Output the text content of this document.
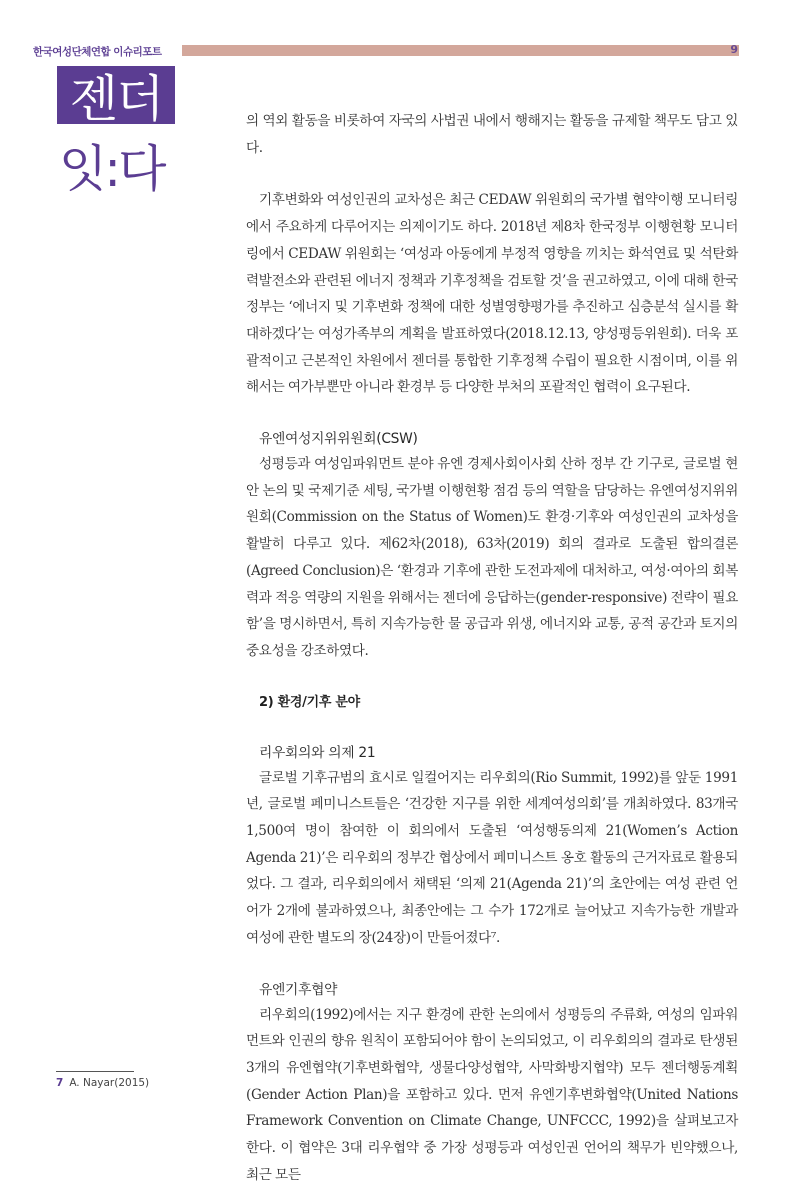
한국여성단체연합 이슈리포트	9
젠더
잇:다

의 역외 활동을 비롯하여 자국의 사법권 내에서 행해지는 활동을 규제할 책무도 담고 있다.

기후변화와 여성인권의 교차성은 최근 CEDAW 위원회의 국가별 협약이행 모니터링에서 주요하게 다루어지는 의제이기도 하다. 2018년 제8차 한국정부 이행현황 모니터링에서 CEDAW 위원회는 ‘여성과 아동에게 부정적 영향을 끼치는 화석연료 및 석탄화력발전소와 관련된 에너지 정책과 기후정책을 검토할 것’을 권고하였고, 이에 대해 한국정부는 ‘에너지 및 기후변화 정책에 대한 성별영향평가를 추진하고 심층분석 실시를 확대하겠다’는 여성가족부의 계획을 발표하였다(2018.12.13, 양성평등위원회). 더욱 포괄적이고 근본적인 차원에서 젠더를 통합한 기후정책 수립이 필요한 시점이며, 이를 위해서는 여가부뿐만 아니라 환경부 등 다양한 부처의 포괄적인 협력이 요구된다.

유엔여성지위위원회(CSW)

성평등과 여성임파워먼트 분야 유엔 경제사회이사회 산하 정부 간 기구로, 글로벌 현안 논의 및 국제기준 세팅, 국가별 이행현황 점검 등의 역할을 담당하는 유엔여성지위위원회(Commission on the Status of Women)도 환경·기후와 여성인권의 교차성을 활발히 다루고 있다. 제62차(2018), 63차(2019) 회의 결과로 도출된 합의결론(Agreed Conclusion)은 ‘환경과 기후에 관한 도전과제에 대처하고, 여성·여아의 회복력과 적응 역량의 지원을 위해서는 젠더에 응답하는(gender-responsive) 전략이 필요함’을 명시하면서, 특히 지속가능한 물 공급과 위생, 에너지와 교통, 공적 공간과 토지의 중요성을 강조하였다.

2) 환경/기후 분야

리우회의와 의제 21

글로벌 기후규범의 효시로 일컬어지는 리우회의(Rio Summit, 1992)를 앞둔 1991년, 글로벌 페미니스트들은 ‘건강한 지구를 위한 세계여성의회’를 개최하였다. 83개국 1,500여 명이 참여한 이 회의에서 도출된 ‘여성행동의제 21(Women’s Action Agenda 21)’은 리우회의 정부간 협상에서 페미니스트 옹호 활동의 근거자료로 활용되었다. 그 결과, 리우회의에서 채택된 ‘의제 21(Agenda 21)’의 초안에는 여성 관련 언어가 2개에 불과하였으나, 최종안에는 그 수가 172개로 늘어났고 지속가능한 개발과 여성에 관한 별도의 장(24장)이 만들어졌다⁷.

유엔기후협약

리우회의(1992)에서는 지구 환경에 관한 논의에서 성평등의 주류화, 여성의 임파워먼트와 인권의 향유 원칙이 포함되어야 함이 논의되었고, 이 리우회의의 결과로 탄생된 3개의 유엔협약(기후변화협약, 생물다양성협약, 사막화방지협약) 모두 젠더행동계획(Gender Action Plan)을 포함하고 있다. 먼저 유엔기후변화협약(United Nations Framework Convention on Climate Change, UNFCCC, 1992)을 살펴보고자 한다. 이 협약은 3대 리우협약 중 가장 성평등과 여성인권 언어의 책무가 빈약했으나, 최근 모든

7 A. Nayar(2015)
